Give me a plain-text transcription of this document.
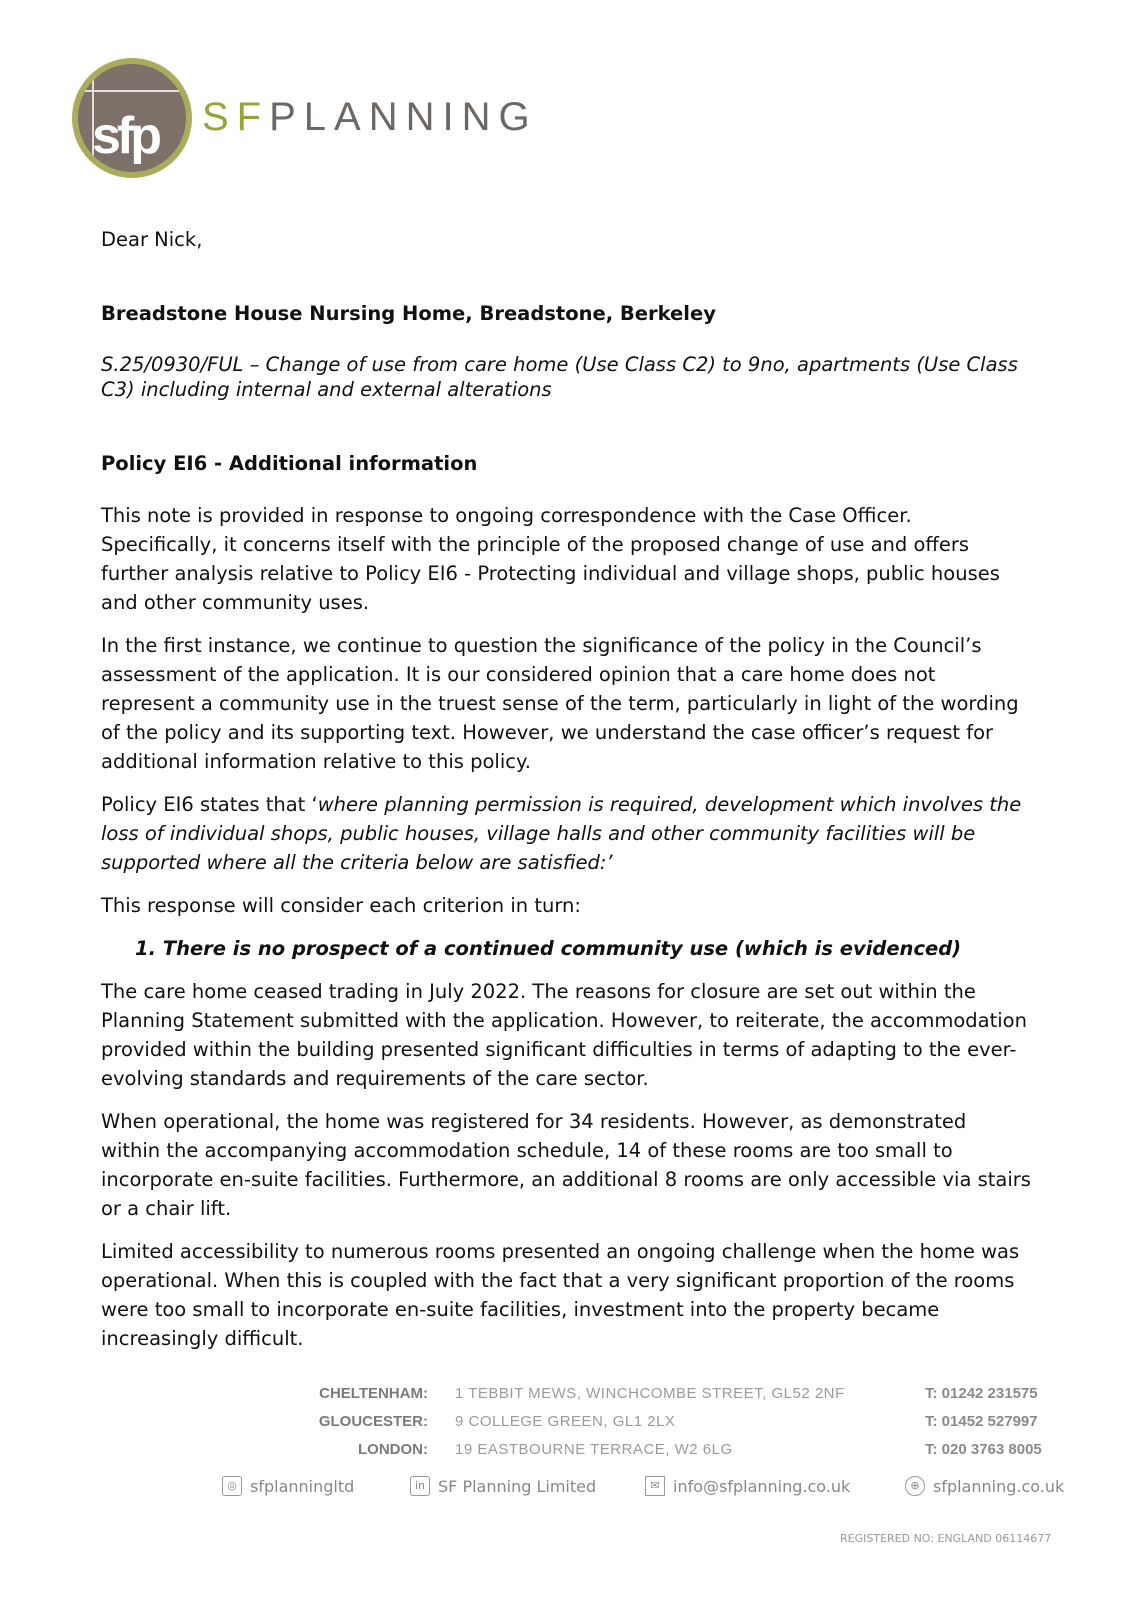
sfp SFPLANNING
Dear Nick,
Breadstone House Nursing Home, Breadstone, Berkeley
S.25/0930/FUL – Change of use from care home (Use Class C2) to 9no, apartments (Use Class C3) including internal and external alterations
Policy EI6 - Additional information

This note is provided in response to ongoing correspondence with the Case Officer. Specifically, it concerns itself with the principle of the proposed change of use and offers further analysis relative to Policy EI6 - Protecting individual and village shops, public houses and other community uses.

In the first instance, we continue to question the significance of the policy in the Council’s assessment of the application. It is our considered opinion that a care home does not represent a community use in the truest sense of the term, particularly in light of the wording of the policy and its supporting text. However, we understand the case officer’s request for additional information relative to this policy.

Policy EI6 states that ‘where planning permission is required, development which involves the loss of individual shops, public houses, village halls and other community facilities will be supported where all the criteria below are satisfied:’

This response will consider each criterion in turn:

1. There is no prospect of a continued community use (which is evidenced)

The care home ceased trading in July 2022. The reasons for closure are set out within the Planning Statement submitted with the application. However, to reiterate, the accommodation provided within the building presented significant difficulties in terms of adapting to the ever-evolving standards and requirements of the care sector.

When operational, the home was registered for 34 residents. However, as demonstrated within the accompanying accommodation schedule, 14 of these rooms are too small to incorporate en-suite facilities. Furthermore, an additional 8 rooms are only accessible via stairs or a chair lift.

Limited accessibility to numerous rooms presented an ongoing challenge when the home was operational. When this is coupled with the fact that a very significant proportion of the rooms were too small to incorporate en-suite facilities, investment into the property became increasingly difficult.

CHELTENHAM: 1 TEBBIT MEWS, WINCHCOMBE STREET, GL52 2NF	T: 01242 231575
GLOUCESTER: 9 COLLEGE GREEN, GL1 2LX	T: 01452 527997
LONDON: 19 EASTBOURNE TERRACE, W2 6LG	T: 020 3763 8005
◎ sfplanningltd	in SF Planning Limited	✉ info@sfplanning.co.uk	⊕ sfplanning.co.uk
REGISTERED NO: ENGLAND 06114677
